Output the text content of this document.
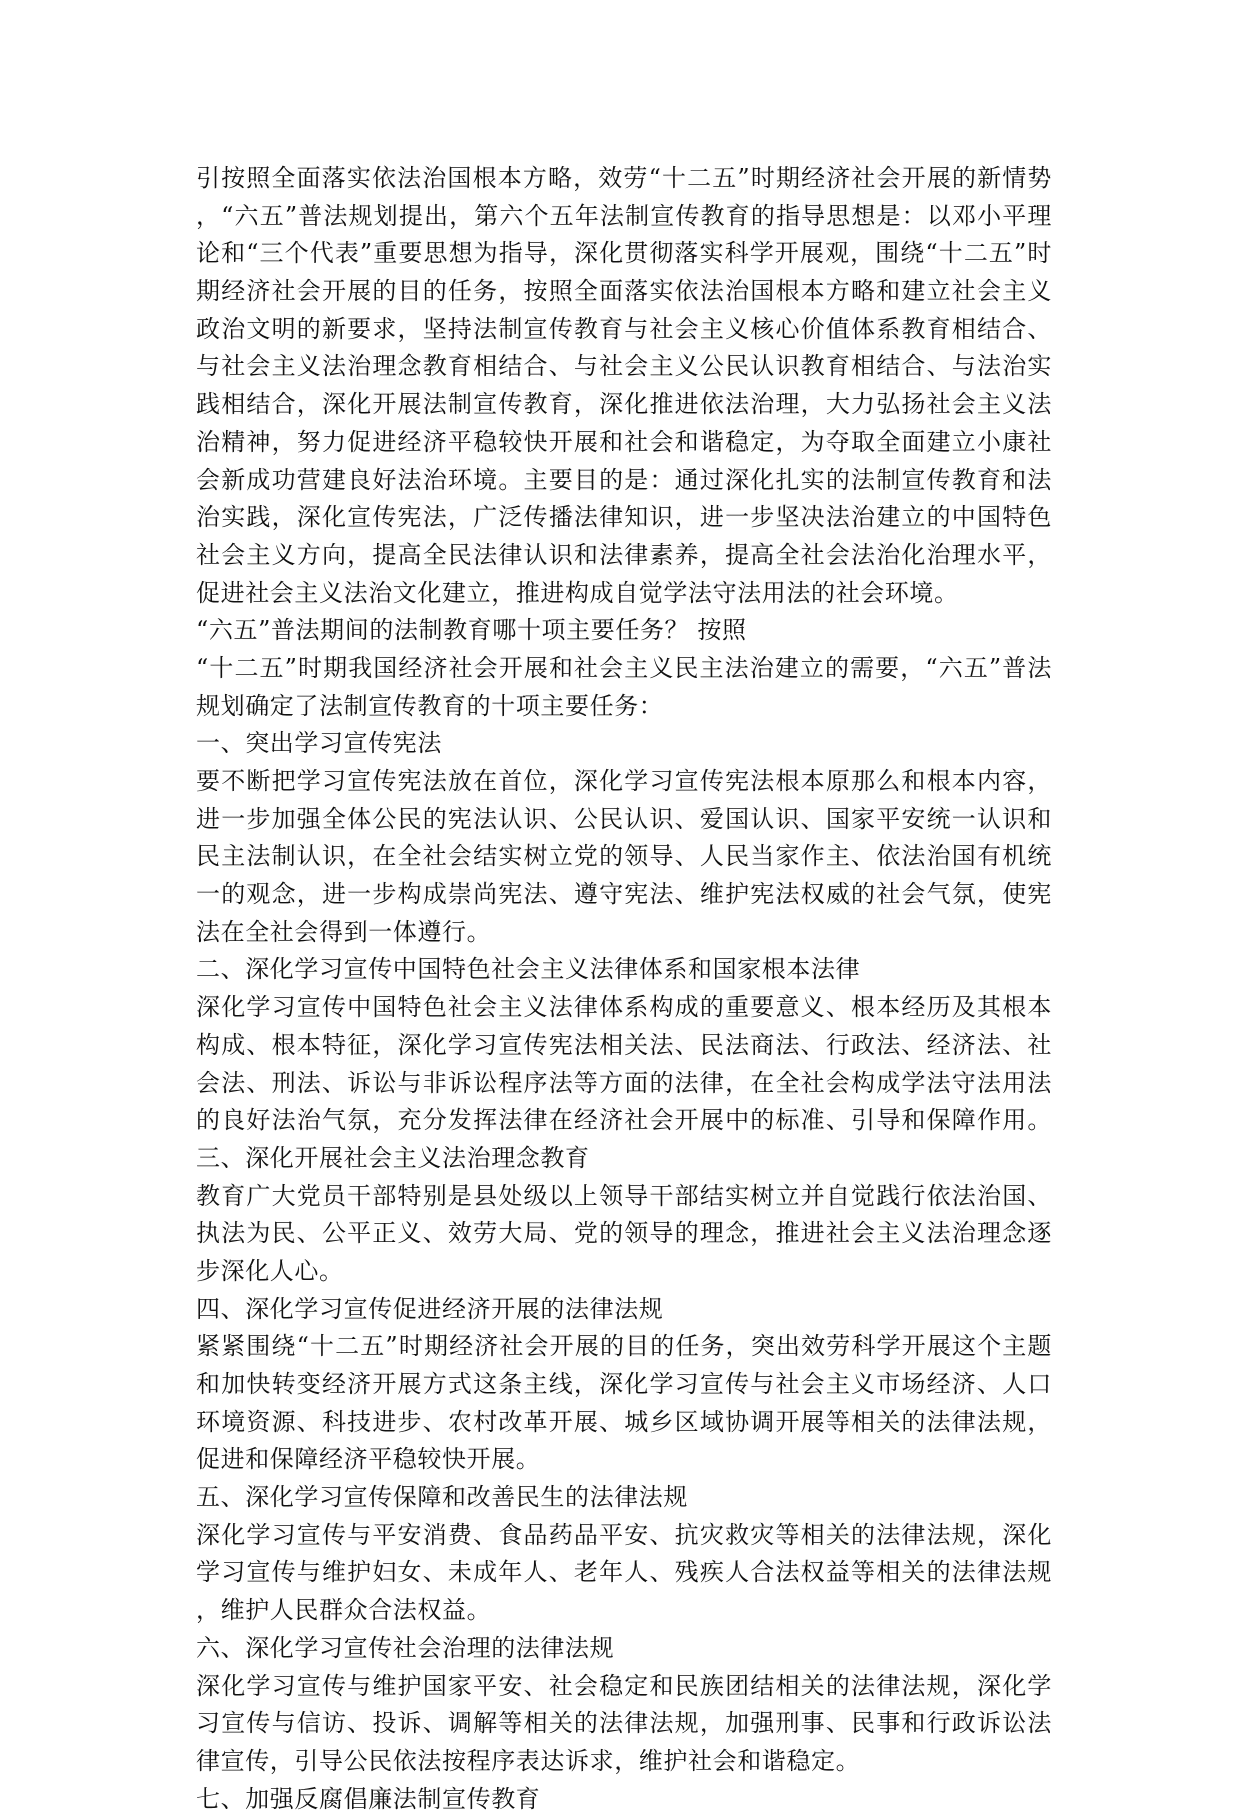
引按照全面落实依法治国根本方略，效劳“十二五”时期经济社会开展的新情势
，“六五”普法规划提出，第六个五年法制宣传教育的指导思想是：以邓小平理
论和“三个代表”重要思想为指导，深化贯彻落实科学开展观，围绕“十二五”时
期经济社会开展的目的任务，按照全面落实依法治国根本方略和建立社会主义
政治文明的新要求，坚持法制宣传教育与社会主义核心价值体系教育相结合、
与社会主义法治理念教育相结合、与社会主义公民认识教育相结合、与法治实
践相结合，深化开展法制宣传教育，深化推进依法治理，大力弘扬社会主义法
治精神，努力促进经济平稳较快开展和社会和谐稳定，为夺取全面建立小康社
会新成功营建良好法治环境。主要目的是：通过深化扎实的法制宣传教育和法
治实践，深化宣传宪法，广泛传播法律知识，进一步坚决法治建立的中国特色
社会主义方向，提高全民法律认识和法律素养，提高全社会法治化治理水平，
促进社会主义法治文化建立，推进构成自觉学法守法用法的社会环境。
“六五”普法期间的法制教育哪十项主要任务？ 按照
“十二五”时期我国经济社会开展和社会主义民主法治建立的需要，“六五”普法
规划确定了法制宣传教育的十项主要任务：
一、突出学习宣传宪法
要不断把学习宣传宪法放在首位，深化学习宣传宪法根本原那么和根本内容，
进一步加强全体公民的宪法认识、公民认识、爱国认识、国家平安统一认识和
民主法制认识，在全社会结实树立党的领导、人民当家作主、依法治国有机统
一的观念，进一步构成崇尚宪法、遵守宪法、维护宪法权威的社会气氛，使宪
法在全社会得到一体遵行。
二、深化学习宣传中国特色社会主义法律体系和国家根本法律
深化学习宣传中国特色社会主义法律体系构成的重要意义、根本经历及其根本
构成、根本特征，深化学习宣传宪法相关法、民法商法、行政法、经济法、社
会法、刑法、诉讼与非诉讼程序法等方面的法律，在全社会构成学法守法用法
的良好法治气氛，充分发挥法律在经济社会开展中的标准、引导和保障作用。
三、深化开展社会主义法治理念教育
教育广大党员干部特别是县处级以上领导干部结实树立并自觉践行依法治国、
执法为民、公平正义、效劳大局、党的领导的理念，推进社会主义法治理念逐
步深化人心。
四、深化学习宣传促进经济开展的法律法规
紧紧围绕“十二五”时期经济社会开展的目的任务，突出效劳科学开展这个主题
和加快转变经济开展方式这条主线，深化学习宣传与社会主义市场经济、人口
环境资源、科技进步、农村改革开展、城乡区域协调开展等相关的法律法规，
促进和保障经济平稳较快开展。
五、深化学习宣传保障和改善民生的法律法规
深化学习宣传与平安消费、食品药品平安、抗灾救灾等相关的法律法规，深化
学习宣传与维护妇女、未成年人、老年人、残疾人合法权益等相关的法律法规
，维护人民群众合法权益。
六、深化学习宣传社会治理的法律法规
深化学习宣传与维护国家平安、社会稳定和民族团结相关的法律法规，深化学
习宣传与信访、投诉、调解等相关的法律法规，加强刑事、民事和行政诉讼法
律宣传，引导公民依法按程序表达诉求，维护社会和谐稳定。
七、加强反腐倡廉法制宣传教育
